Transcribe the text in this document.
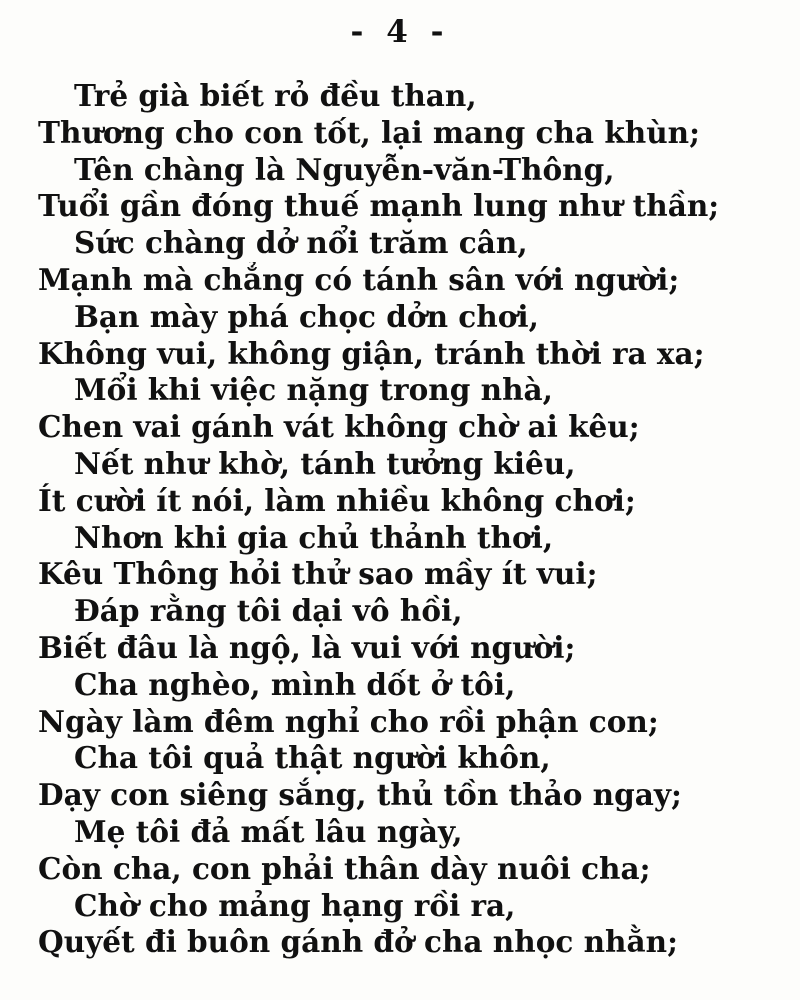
- 4 -
Trẻ già biết rỏ đều than,
Thương cho con tốt, lại mang cha khùn;
Tên chàng là Nguyễn-văn-Thông,
Tuổi gần đóng thuế mạnh lung như thần;
Sức chàng dở nổi trăm cân,
Mạnh mà chẳng có tánh sân với người;
Bạn mày phá chọc dởn chơi,
Không vui, không giận, tránh thời ra xa;
Mổi khi việc nặng trong nhà,
Chen vai gánh vát không chờ ai kêu;
Nết như khờ, tánh tưởng kiêu,
Ít cười ít nói, làm nhiều không chơi;
Nhơn khi gia chủ thảnh thơi,
Kêu Thông hỏi thử sao mầy ít vui;
Đáp rằng tôi dại vô hồi,
Biết đâu là ngộ, là vui với người;
Cha nghèo, mình dốt ở tôi,
Ngày làm đêm nghỉ cho rồi phận con;
Cha tôi quả thật người khôn,
Dạy con siêng sắng, thủ tồn thảo ngay;
Mẹ tôi đả mất lâu ngày,
Còn cha, con phải thân dày nuôi cha;
Chờ cho mảng hạng rồi ra,
Quyết đi buôn gánh đở cha nhọc nhằn;
